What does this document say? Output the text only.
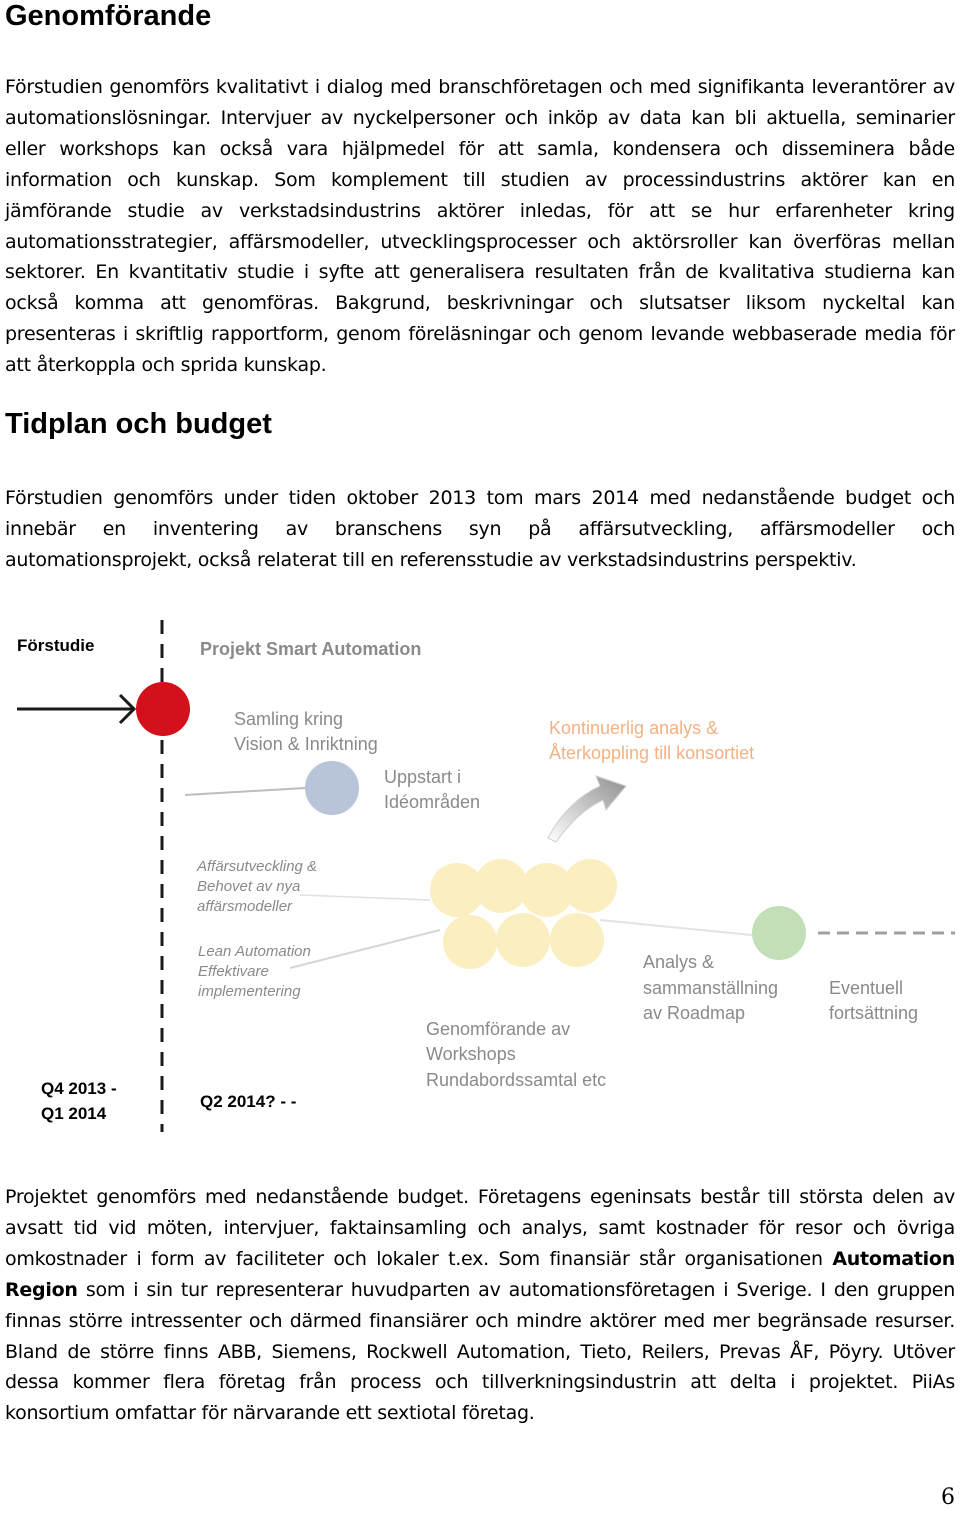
Genomförande

Förstudien genomförs kvalitativt i dialog med branschföretagen och med signifikanta leverantörer av automationslösningar. Intervjuer av nyckelpersoner och inköp av data kan bli aktuella, seminarier eller workshops kan också vara hjälpmedel för att samla, kondensera och disseminera både information och kunskap. Som komplement till studien av processindustrins aktörer kan en jämförande studie av verkstadsindustrins aktörer inledas, för att se hur erfarenheter kring automationsstrategier, affärsmodeller, utvecklingsprocesser och aktörsroller kan överföras mellan sektorer. En kvantitativ studie i syfte att generalisera resultaten från de kvalitativa studierna kan också komma att genomföras. Bakgrund, beskrivningar och slutsatser liksom nyckeltal kan presenteras i skriftlig rapportform, genom föreläsningar och genom levande webbaserade media för att återkoppla och sprida kunskap.

Tidplan och budget

Förstudien genomförs under tiden oktober 2013 tom mars 2014 med nedanstående budget och innebär en inventering av branschens syn på affärsutveckling, affärsmodeller och automationsprojekt, också relaterat till en referensstudie av verkstadsindustrins perspektiv.

Förstudie	Projekt Smart Automation
Samling kring
Vision & Inriktning
Uppstart i
Idéområden
Kontinuerlig analys &
Återkoppling till konsortiet
Affärsutveckling &
Behovet av nya
affärsmodeller
Lean Automation
Effektivare
implementering
Analys &
sammanställning
av Roadmap
Eventuell
fortsättning
Genomförande av
Workshops
Rundabordssamtal etc
Q4 2013 -
Q1 2014
Q2 2014? - -

Projektet genomförs med nedanstående budget. Företagens egeninsats består till största delen av avsatt tid vid möten, intervjuer, faktainsamling och analys, samt kostnader för resor och övriga omkostnader i form av faciliteter och lokaler t.ex. Som finansiär står organisationen Automation Region som i sin tur representerar huvudparten av automationsföretagen i Sverige. I den gruppen finnas större intressenter och därmed finansiärer och mindre aktörer med mer begränsade resurser. Bland de större finns ABB, Siemens, Rockwell Automation, Tieto, Reilers, Prevas ÅF, Pöyry. Utöver dessa kommer flera företag från process och tillverkningsindustrin att delta i projektet. PiiAs konsortium omfattar för närvarande ett sextiotal företag.

6
